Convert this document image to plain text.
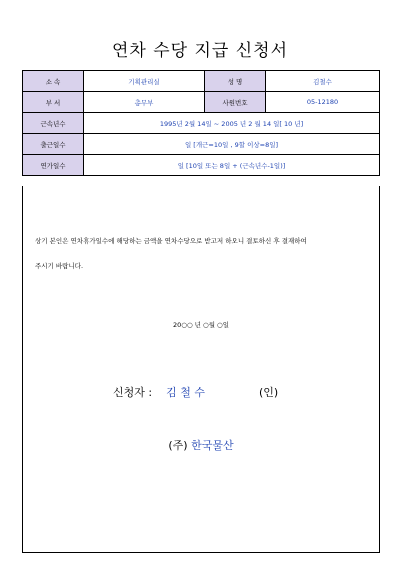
연차 수당 지급 신청서
소 속	기획관리실	성 명	김철수
부 서	총무부	사원번호	05-12180
근속년수	1995년 2월 14일 ~ 2005 년 2 월 14 일[ 10 년]		
출근일수	일 [개근=10일 , 9할 이상=8일]		
연가일수	일 [10일 또는 8일 + (근속년수-1일)]		
상기 본인은 연차휴가일수에 해당하는 금액을 연차수당으로 받고저 하오니 결토하신 후 결재하여
주시기 바랍니다.
20○○ 년 ○월 ○일
신청자 : 김 철 수	(인)
(주) 한국물산
